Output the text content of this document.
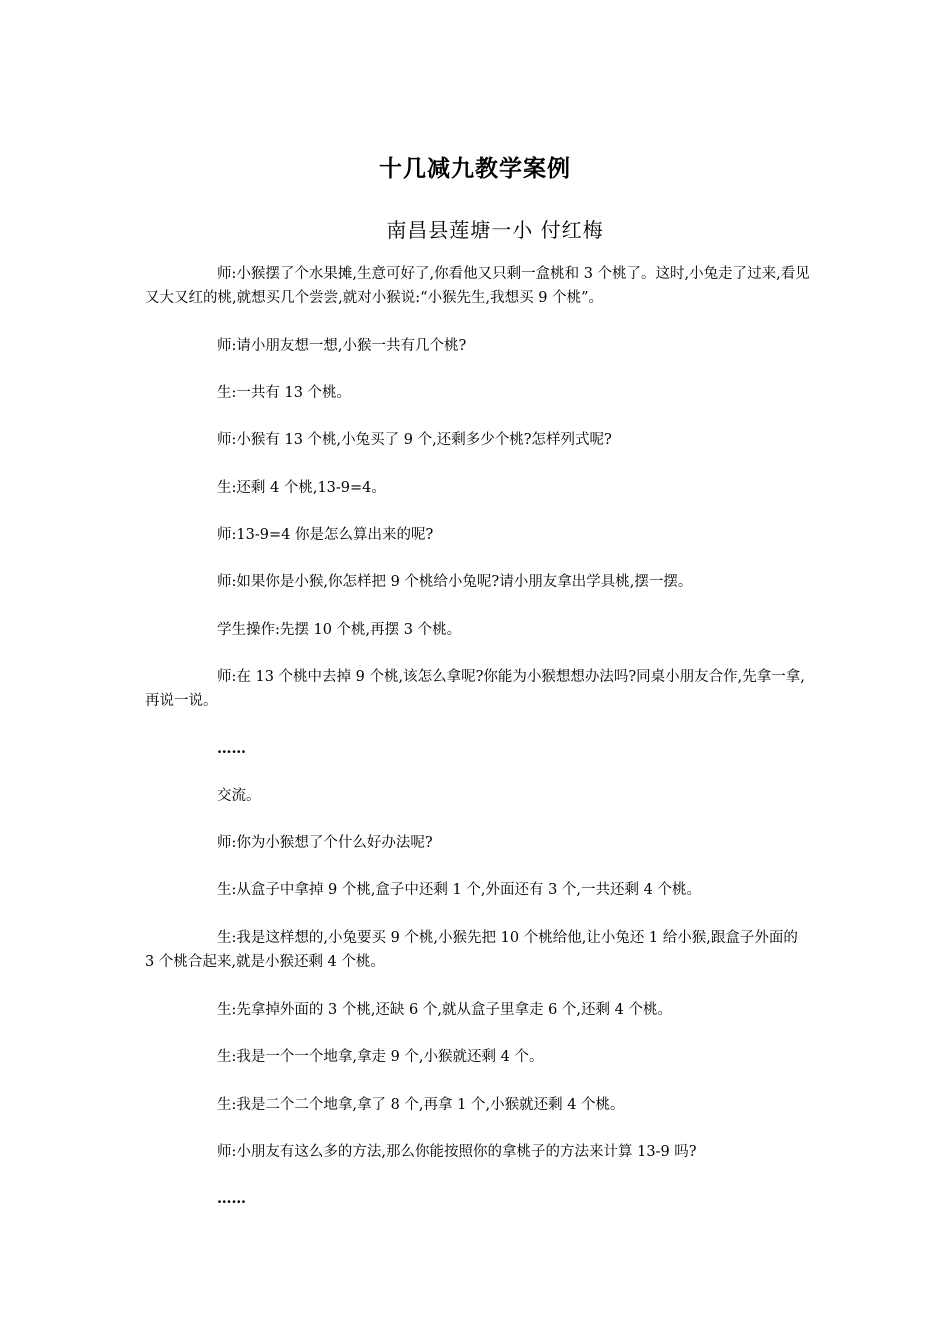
十几减九教学案例
南昌县莲塘一小 付红梅

师:小猴摆了个水果摊,生意可好了,你看他又只剩一盒桃和 3 个桃了。这时,小兔走了过来,看见又大又红的桃,就想买几个尝尝,就对小猴说:“小猴先生,我想买 9 个桃”。

师:请小朋友想一想,小猴一共有几个桃?

生:一共有 13 个桃。

师:小猴有 13 个桃,小兔买了 9 个,还剩多少个桃?怎样列式呢?

生:还剩 4 个桃,13-9=4。

师:13-9=4 你是怎么算出来的呢?

师:如果你是小猴,你怎样把 9 个桃给小兔呢?请小朋友拿出学具桃,摆一摆。

学生操作:先摆 10 个桃,再摆 3 个桃。

师:在 13 个桃中去掉 9 个桃,该怎么拿呢?你能为小猴想想办法吗?同桌小朋友合作,先拿一拿,再说一说。

……

交流。

师:你为小猴想了个什么好办法呢?

生:从盒子中拿掉 9 个桃,盒子中还剩 1 个,外面还有 3 个,一共还剩 4 个桃。

生:我是这样想的,小兔要买 9 个桃,小猴先把 10 个桃给他,让小兔还 1 给小猴,跟盒子外面的 3 个桃合起来,就是小猴还剩 4 个桃。

生:先拿掉外面的 3 个桃,还缺 6 个,就从盒子里拿走 6 个,还剩 4 个桃。

生:我是一个一个地拿,拿走 9 个,小猴就还剩 4 个。

生:我是二个二个地拿,拿了 8 个,再拿 1 个,小猴就还剩 4 个桃。

师:小朋友有这么多的方法,那么你能按照你的拿桃子的方法来计算 13-9 吗?

……
